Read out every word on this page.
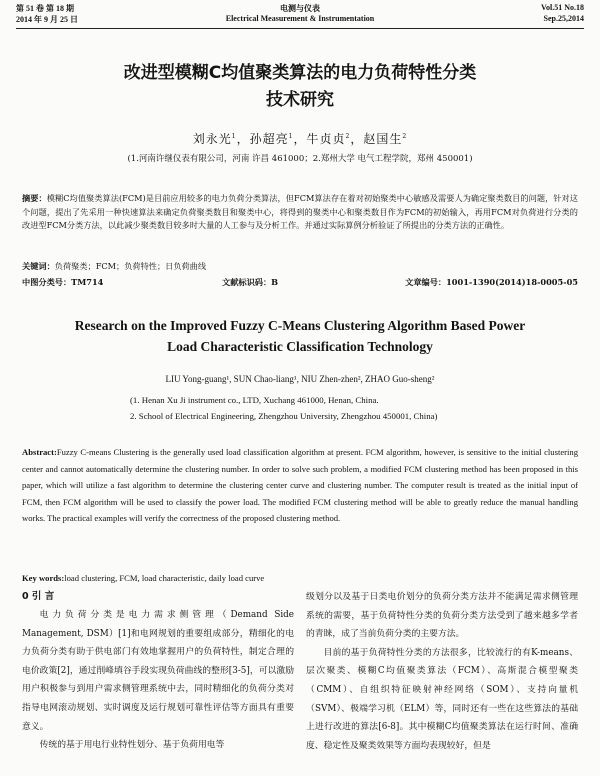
第 51 卷 第 18 期
2014 年 9 月 25 日
电测与仪表
Electrical Measurement & Instrumentation
Vol.51 No.18
Sep.25,2014
改进型模糊C均值聚类算法的电力负荷特性分类
技术研究
刘永光$^1$，孙超亮$^1$，牛贞贞$^2$，赵国生$^2$
(1.河南许继仪表有限公司，河南 许昌 461000；2.郑州大学 电气工程学院，郑州 450001)
摘要：模糊C均值聚类算法(FCM)是目前应用较多的电力负荷分类算法，但FCM算法存在着对初始聚类中心敏感及需要人为确定聚类数目的问题，针对这个问题，提出了先采用一种快速算法来确定负荷聚类数目和聚类中心，将得到的聚类中心和聚类数目作为FCM的初始输入，再用FCM对负荷进行分类的改进型FCM分类方法，以此减少聚类数目较多时大量的人工参与及分析工作。并通过实际算例分析验证了所提出的分类方法的正确性。
关键词：负荷聚类；FCM；负荷特性；日负荷曲线
中图分类号：TM714	文献标识码：B	文章编号：1001-1390(2014)18-0005-05
Research on the Improved Fuzzy C-Means Clustering Algorithm Based Power
Load Characteristic Classification Technology
LIU Yong-guang¹, SUN Chao-liang¹, NIU Zhen-zhen², ZHAO Guo-sheng²
(1. Henan Xu Ji instrument co., LTD, Xuchang 461000, Henan, China.
2. School of Electrical Engineering, Zhengzhou University, Zhengzhou 450001, China)
Abstract:Fuzzy C-means Clustering is the generally used load classification algorithm at present. FCM algorithm, however, is sensitive to the initial clustering center and cannot automatically determine the clustering number. In order to solve such problem, a modified FCM clustering method has been proposed in this paper, which will utilize a fast algorithm to determine the clustering center curve and clustering number. The computer result is treated as the initial input of FCM, then FCM algorithm will be used to classify the power load. The modified FCM clustering method will be able to greatly reduce the manual handling works. The practical examples will verify the correctness of the proposed clustering method.
Key words:load clustering, FCM, load characteristic, daily load curve
0 引 言

电力负荷分类是电力需求侧管理（Demand Side Management, DSM）[1]和电网规划的重要组成部分，精细化的电力负荷分类有助于供电部门有效地掌握用户的负荷特性，制定合理的电价政策[2]，通过削峰填谷手段实现负荷曲线的整形[3-5]，可以激励用户积极参与到用户需求侧管理系统中去，同时精细化的负荷分类对指导电网滚动规划、实时调度及运行规划可靠性评估等方面具有重要意义。

传统的基于用电行业特性划分、基于负荷用电等

级划分以及基于日类电价划分的负荷分类方法并不能满足需求侧管理系统的需要，基于负荷特性分类的负荷分类方法受到了越来越多学者的青睐，成了当前负荷分类的主要方法。

目前的基于负荷特性分类的方法很多，比较流行的有K-means、层次聚类、模糊C均值聚类算法（FCM）、高斯混合模型聚类（CMM）、自组织特征映射神经网络（SOM）、支持向量机（SVM）、极端学习机（ELM）等，同时还有一些在这些算法的基础上进行改进的算法[6-8]。其中模糊C均值聚类算法在运行时间、准确度、稳定性及聚类效果等方面均表现较好，但是
